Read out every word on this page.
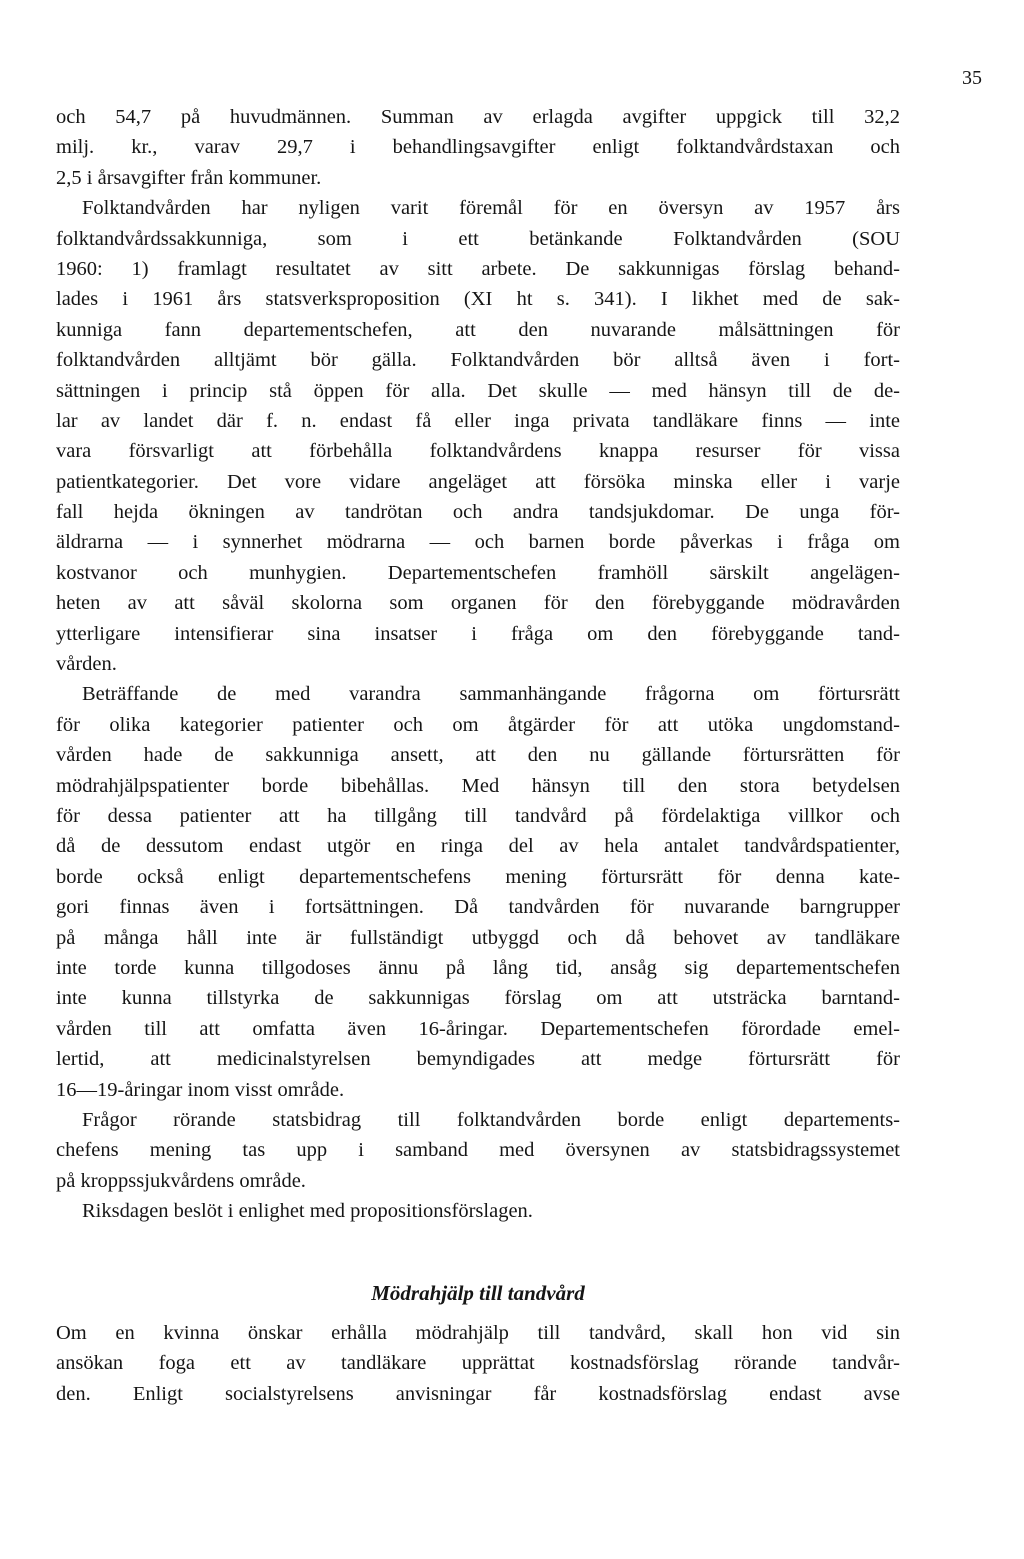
35
och 54,7 på huvudmännen. Summan av erlagda avgifter uppgick till 32,2
milj. kr., varav 29,7 i behandlingsavgifter enligt folktandvårdstaxan och
2,5 i årsavgifter från kommuner.
Folktandvården har nyligen varit föremål för en översyn av 1957 års
folktandvårdssakkunniga, som i ett betänkande Folktandvården (SOU
1960: 1) framlagt resultatet av sitt arbete. De sakkunnigas förslag behand-
lades i 1961 års statsverksproposition (XI ht s. 341). I likhet med de sak-
kunniga fann departementschefen, att den nuvarande målsättningen för
folktandvården alltjämt bör gälla. Folktandvården bör alltså även i fort-
sättningen i princip stå öppen för alla. Det skulle — med hänsyn till de de-
lar av landet där f. n. endast få eller inga privata tandläkare finns — inte
vara försvarligt att förbehålla folktandvårdens knappa resurser för vissa
patientkategorier. Det vore vidare angeläget att försöka minska eller i varje
fall hejda ökningen av tandrötan och andra tandsjukdomar. De unga för-
äldrarna — i synnerhet mödrarna — och barnen borde påverkas i fråga om
kostvanor och munhygien. Departementschefen framhöll särskilt angelägen-
heten av att såväl skolorna som organen för den förebyggande mödravården
ytterligare intensifierar sina insatser i fråga om den förebyggande tand-
vården.
Beträffande de med varandra sammanhängande frågorna om förtursrätt
för olika kategorier patienter och om åtgärder för att utöka ungdomstand-
vården hade de sakkunniga ansett, att den nu gällande förtursrätten för
mödrahjälpspatienter borde bibehållas. Med hänsyn till den stora betydelsen
för dessa patienter att ha tillgång till tandvård på fördelaktiga villkor och
då de dessutom endast utgör en ringa del av hela antalet tandvårdspatienter,
borde också enligt departementschefens mening förtursrätt för denna kate-
gori finnas även i fortsättningen. Då tandvården för nuvarande barngrupper
på många håll inte är fullständigt utbyggd och då behovet av tandläkare
inte torde kunna tillgodoses ännu på lång tid, ansåg sig departementschefen
inte kunna tillstyrka de sakkunnigas förslag om att utsträcka barntand-
vården till att omfatta även 16-åringar. Departementschefen förordade emel-
lertid, att medicinalstyrelsen bemyndigades att medge förtursrätt för
16—19-åringar inom visst område.
Frågor rörande statsbidrag till folktandvården borde enligt departements-
chefens mening tas upp i samband med översynen av statsbidragssystemet
på kroppssjukvårdens område.
Riksdagen beslöt i enlighet med propositionsförslagen.
Mödrahjälp till tandvård
Om en kvinna önskar erhålla mödrahjälp till tandvård, skall hon vid sin
ansökan foga ett av tandläkare upprättat kostnadsförslag rörande tandvår-
den. Enligt socialstyrelsens anvisningar får kostnadsförslag endast avse
